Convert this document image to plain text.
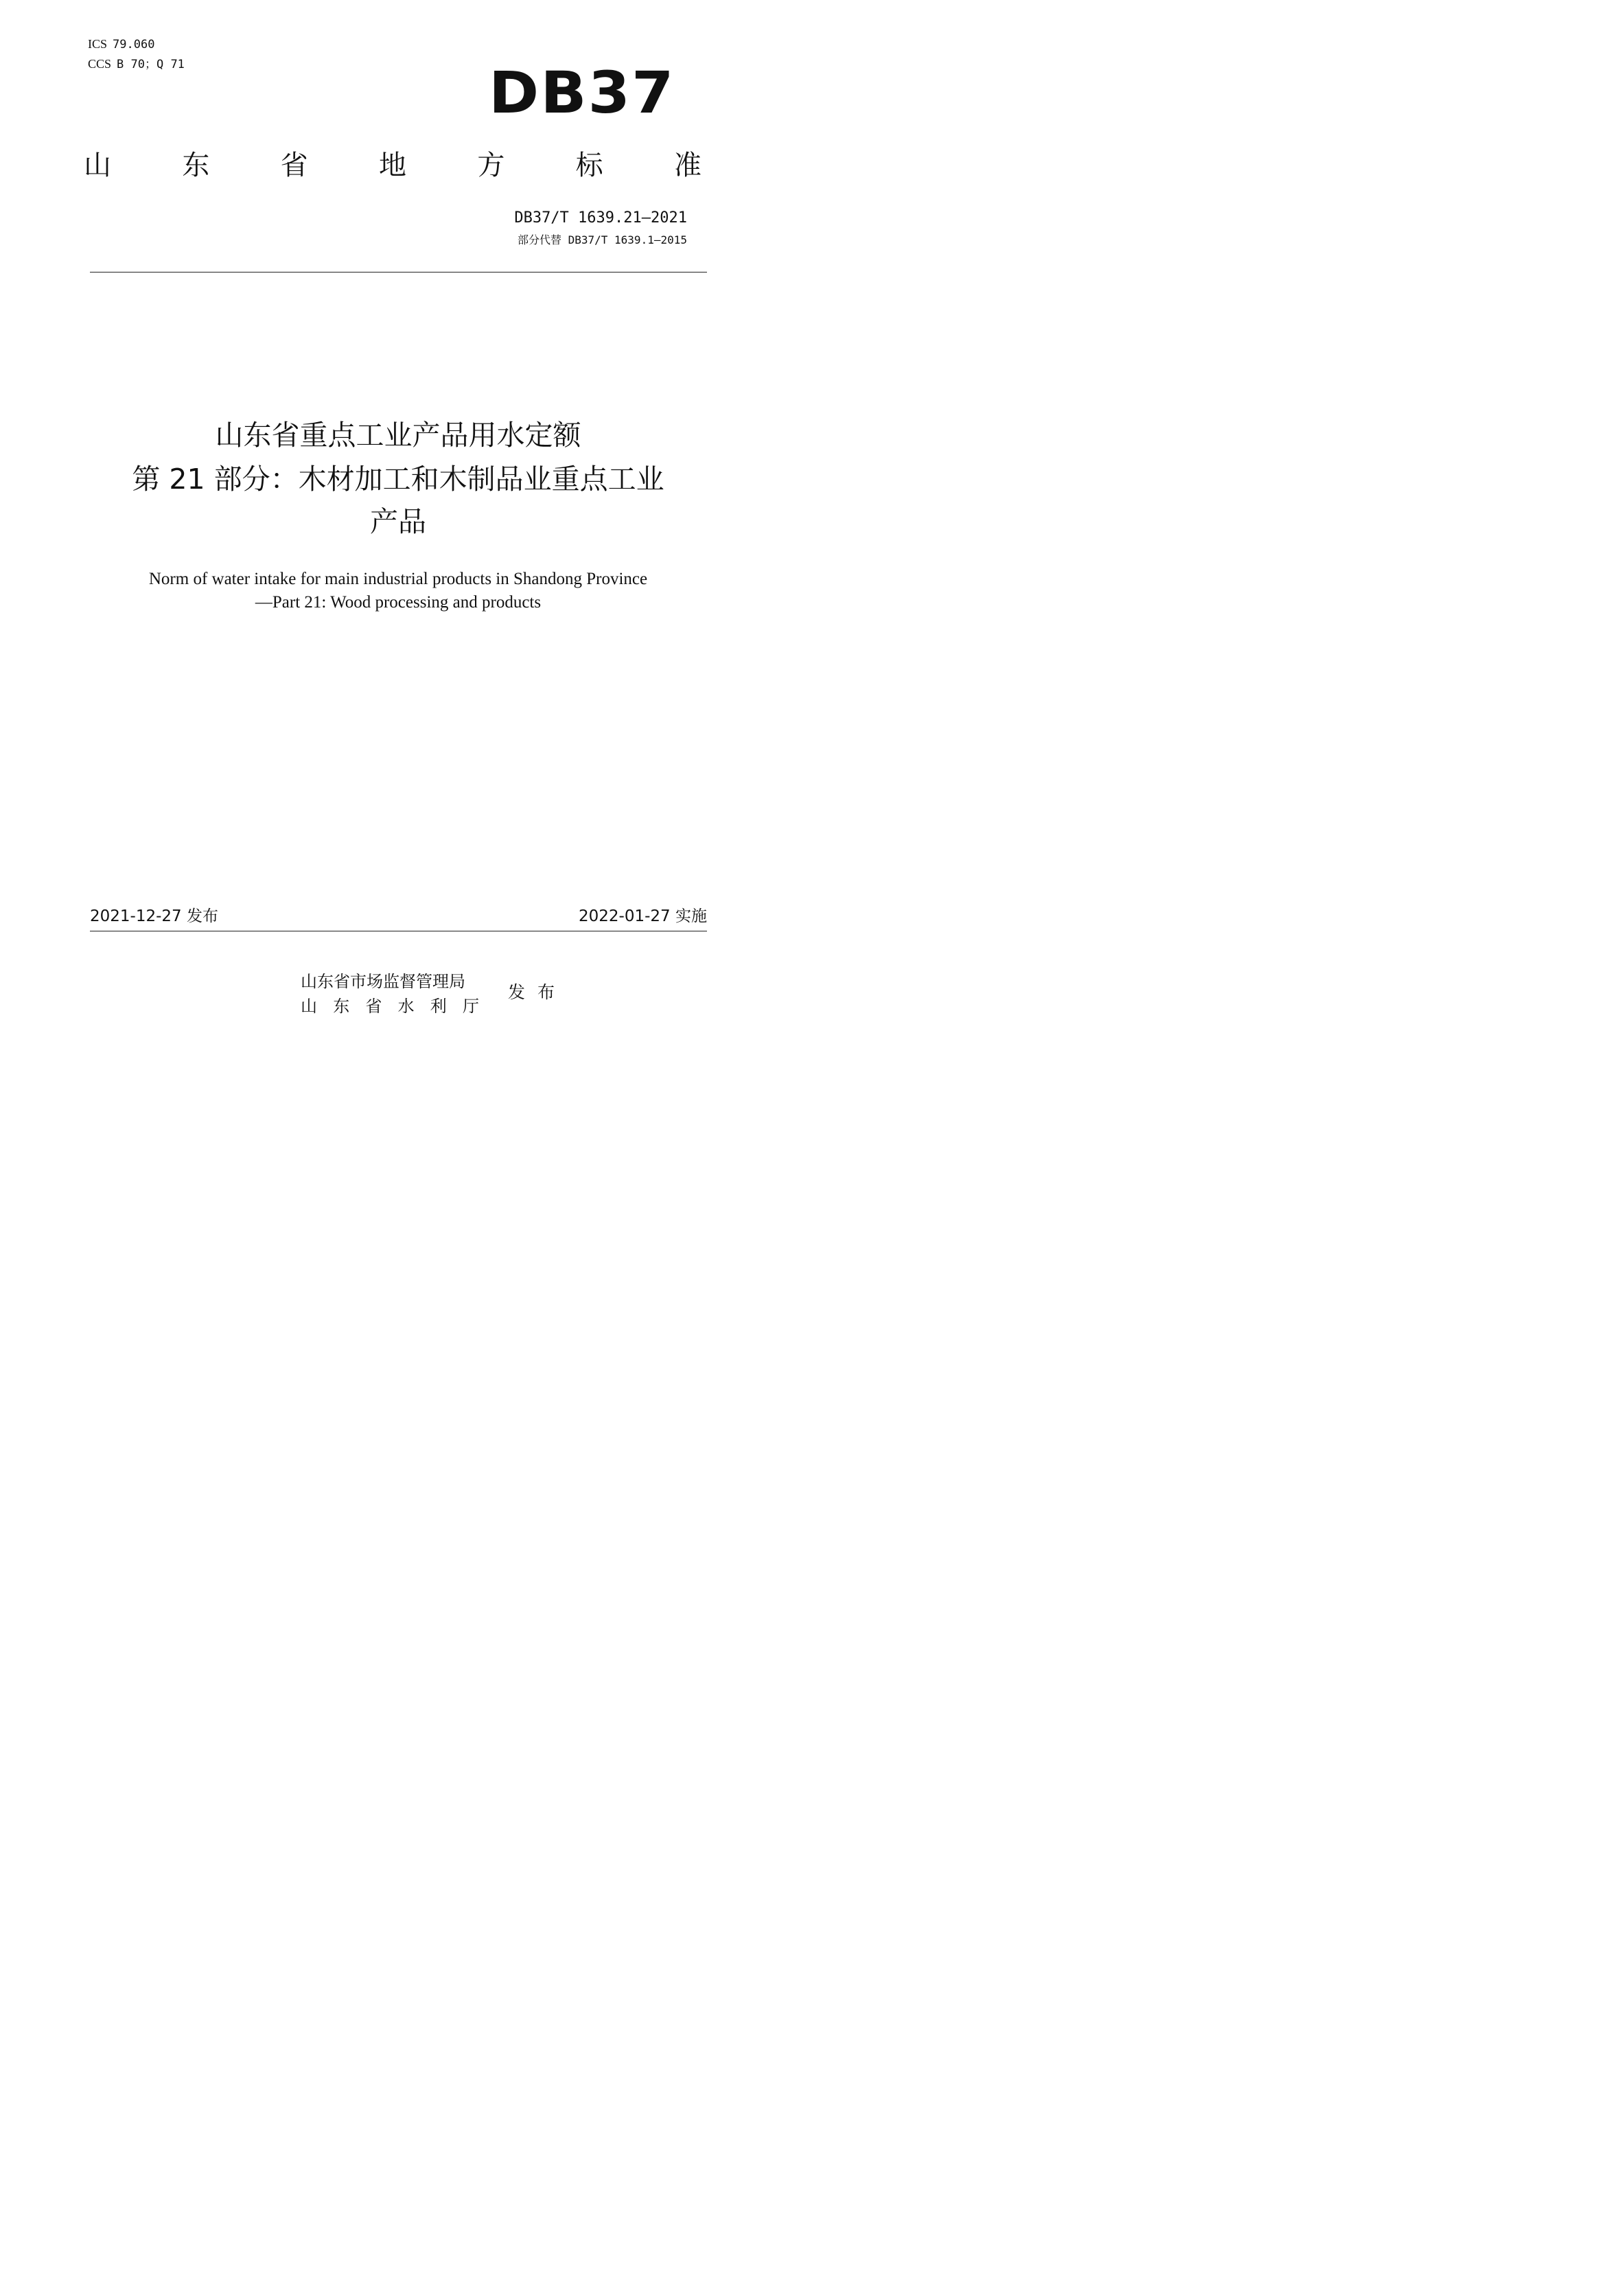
ICS 79.060
CCS B 70；Q 71	DB37
山	东	省	地	方	标	准
DB37/T 1639.21—2021
部分代替 DB37/T 1639.1—2015
山东省重点工业产品用水定额
第 21 部分：木材加工和木制品业重点工业
产品
Norm of water intake for main industrial products in Shandong Province
—Part 21: Wood processing and products
2021-12-27 发布	2022-01-27 实施
山东省市场监督管理局
山 东 省 水 利 厅
发布
